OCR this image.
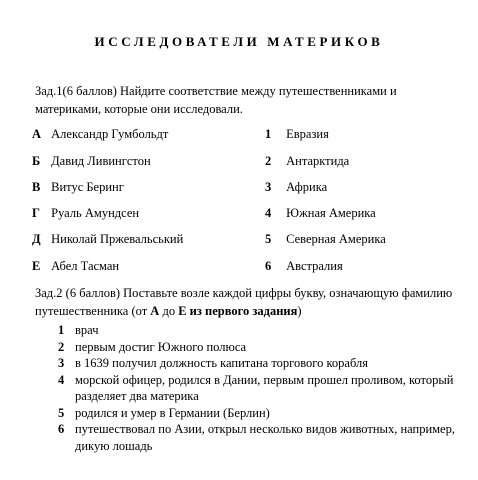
ИССЛЕДОВАТЕЛИ МАТЕРИКОВ
Зад.1(6 баллов) Найдите соответствие между путешественниками и материками, которые они исследовали.
А Александр Гумбольдт
Б Давид Ливингстон
В Витус Беринг
Г Руаль Амундсен
Д Николай Пржевальський
Е Абел Тасман
1 Евразия
2 Антарктида
3 Африка
4 Южная Америка
5 Северная Америка
6 Австралия
Зад.2 (6 баллов) Поставьте возле каждой цифры букву, означающую фамилию путешественника (от А до Е из первого задания)
1 врач
2 первым достиг Южного полюса
3 в 1639 получил должность капитана торгового корабля
4 морской офицер, родился в Дании, первым прошел проливом, который разделяет два материка
5 родился и умер в Германии (Берлин)
6 путешествовал по Азии, открыл несколько видов животных, например, дикую лошадь
